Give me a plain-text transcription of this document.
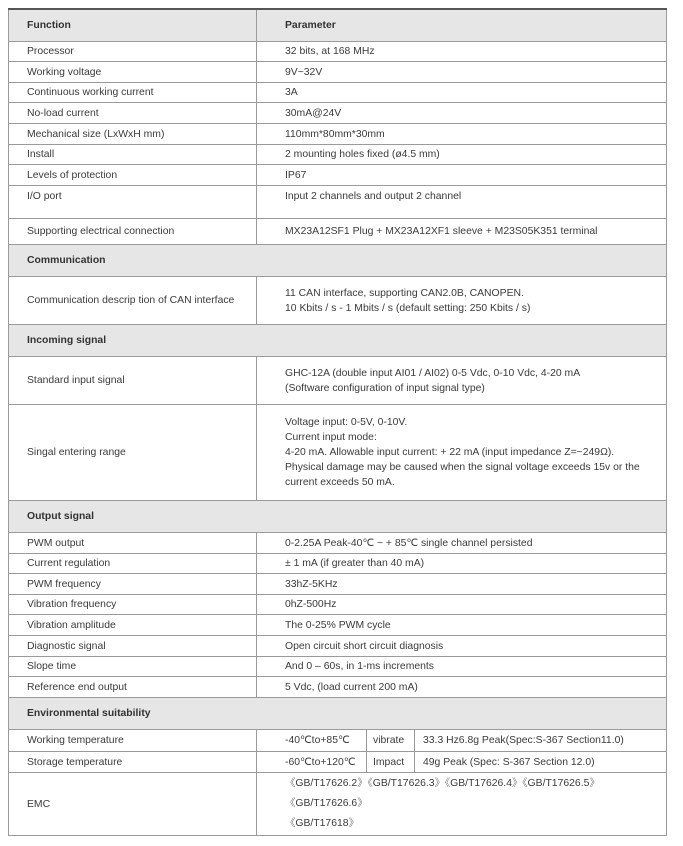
Function	Parameter		
Processor	32 bits, at 168 MHz		
Working voltage	9V~32V		
Continuous working current	3A		
No-load current	30mA@24V		
Mechanical size (LxWxH mm)	110mm*80mm*30mm		
Install	2 mounting holes fixed (ø4.5 mm)		
Levels of protection	IP67		
I/O port	Input 2 channels and output 2 channel		
Supporting electrical connection	MX23A12SF1 Plug + MX23A12XF1 sleeve + M23S05K351 terminal		
Communication			
Communication descrip tion of CAN interface	11 CAN interface, supporting CAN2.0B, CANOPEN.
10 Kbits / s - 1 Mbits / s (default setting: 250 Kbits / s)		

Incoming signal			
Standard input signal	GHC-12A (double input AI01 / AI02) 0-5 Vdc, 0-10 Vdc, 4-20 mA
(Software configuration of input signal type)		

Singal entering range	Voltage input: 0-5V, 0-10V.
Current input mode:
4-20 mA. Allowable input current: + 22 mA (input impedance Z=~249Ω).
Physical damage may be caused when the signal voltage exceeds 15v or the
current exceeds 50 mA.		

Output signal			
PWM output	0-2.25A Peak-40℃ ~ + 85℃ single channel persisted		
Current regulation	± 1 mA (if greater than 40 mA)		
PWM frequency	33hZ-5KHz		
Vibration frequency	0hZ-500Hz		
Vibration amplitude	The 0-25% PWM cycle		
Diagnostic signal	Open circuit short circuit diagnosis		
Slope time	And 0 – 60s, in 1-ms increments		
Reference end output	5 Vdc, (load current 200 mA)		
Environmental suitability			
Working temperature	-40℃to+85℃	vibrate	33.3 Hz6.8g Peak(Spec:S-367 Section11.0)
Storage temperature	-60℃to+120℃	Impact	49g Peak (Spec: S-367 Section 12.0)
EMC	《GB/T17626.2》《GB/T17626.3》《GB/T17626.4》《GB/T17626.5》
《GB/T17626.6》
《GB/T17618》		
